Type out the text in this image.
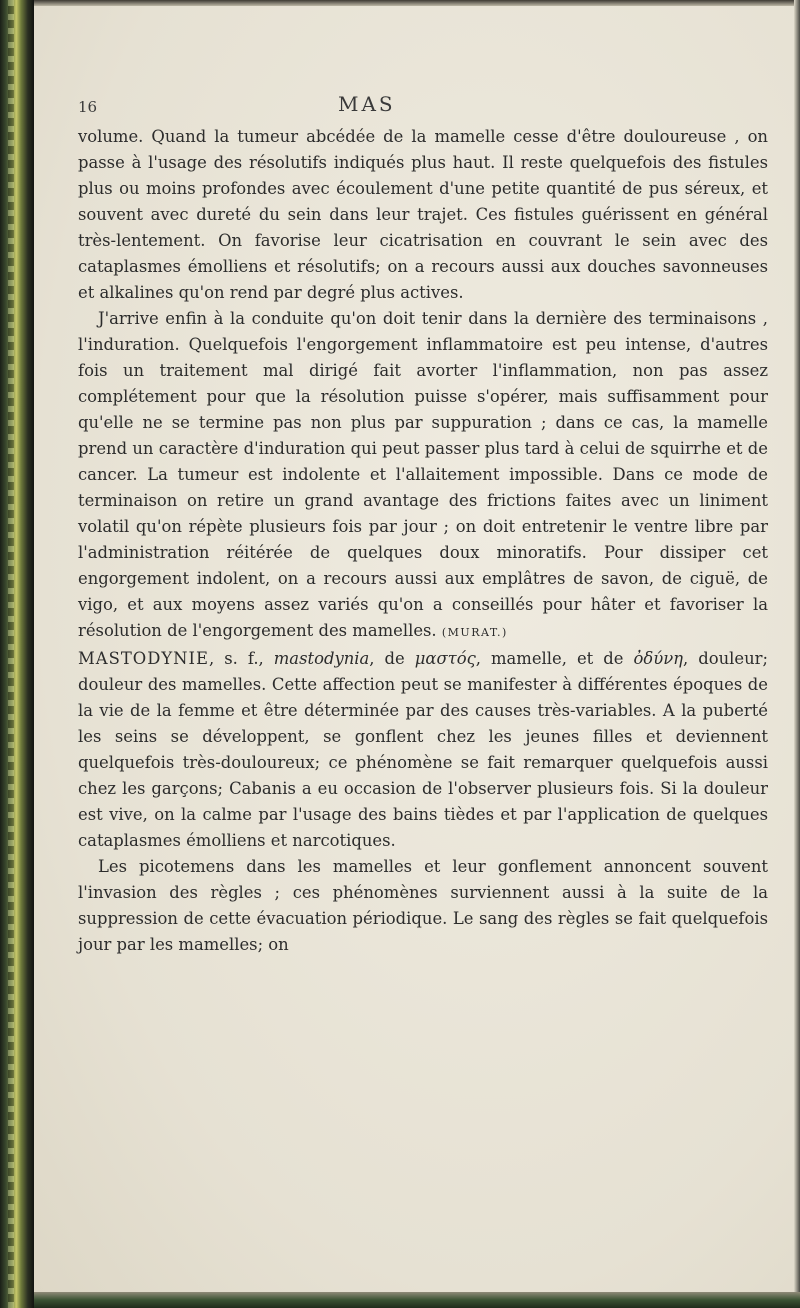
16	MAS

volume. Quand la tumeur abcédée de la mamelle cesse d'être douloureuse , on passe à l'usage des résolutifs indiqués plus haut. Il reste quelquefois des fistules plus ou moins profondes avec écoulement d'une petite quantité de pus séreux, et souvent avec dureté du sein dans leur trajet. Ces fistules guérissent en général très-lentement. On favorise leur cicatrisation en couvrant le sein avec des cataplasmes émolliens et résolutifs; on a recours aussi aux douches savonneuses et alkalines qu'on rend par degré plus actives.

J'arrive enfin à la conduite qu'on doit tenir dans la dernière des terminaisons , l'induration. Quelquefois l'engorgement inflammatoire est peu intense, d'autres fois un traitement mal dirigé fait avorter l'inflammation, non pas assez complétement pour que la résolution puisse s'opérer, mais suffisamment pour qu'elle ne se termine pas non plus par suppuration ; dans ce cas, la mamelle prend un caractère d'induration qui peut passer plus tard à celui de squirrhe et de cancer. La tumeur est indolente et l'allaitement impossible. Dans ce mode de terminaison on retire un grand avantage des frictions faites avec un liniment volatil qu'on répète plusieurs fois par jour ; on doit entretenir le ventre libre par l'administration réitérée de quelques doux minoratifs. Pour dissiper cet engorgement indolent, on a recours aussi aux emplâtres de savon, de ciguë, de vigo, et aux moyens assez variés qu'on a conseillés pour hâter et favoriser la résolution de l'engorgement des mamelles. (MURAT.)

MASTODYNIE, s. f., mastodynia, de μαστός, mamelle, et de ὀδύνη, douleur; douleur des mamelles. Cette affection peut se manifester à différentes époques de la vie de la femme et être déterminée par des causes très-variables. A la puberté les seins se développent, se gonflent chez les jeunes filles et deviennent quelquefois très-douloureux; ce phénomène se fait remarquer quelquefois aussi chez les garçons; Cabanis a eu occasion de l'observer plusieurs fois. Si la douleur est vive, on la calme par l'usage des bains tièdes et par l'application de quelques cataplasmes émolliens et narcotiques.

Les picotemens dans les mamelles et leur gonflement annoncent souvent l'invasion des règles ; ces phénomènes surviennent aussi à la suite de la suppression de cette évacuation périodique. Le sang des règles se fait quelquefois jour par les mamelles; on
